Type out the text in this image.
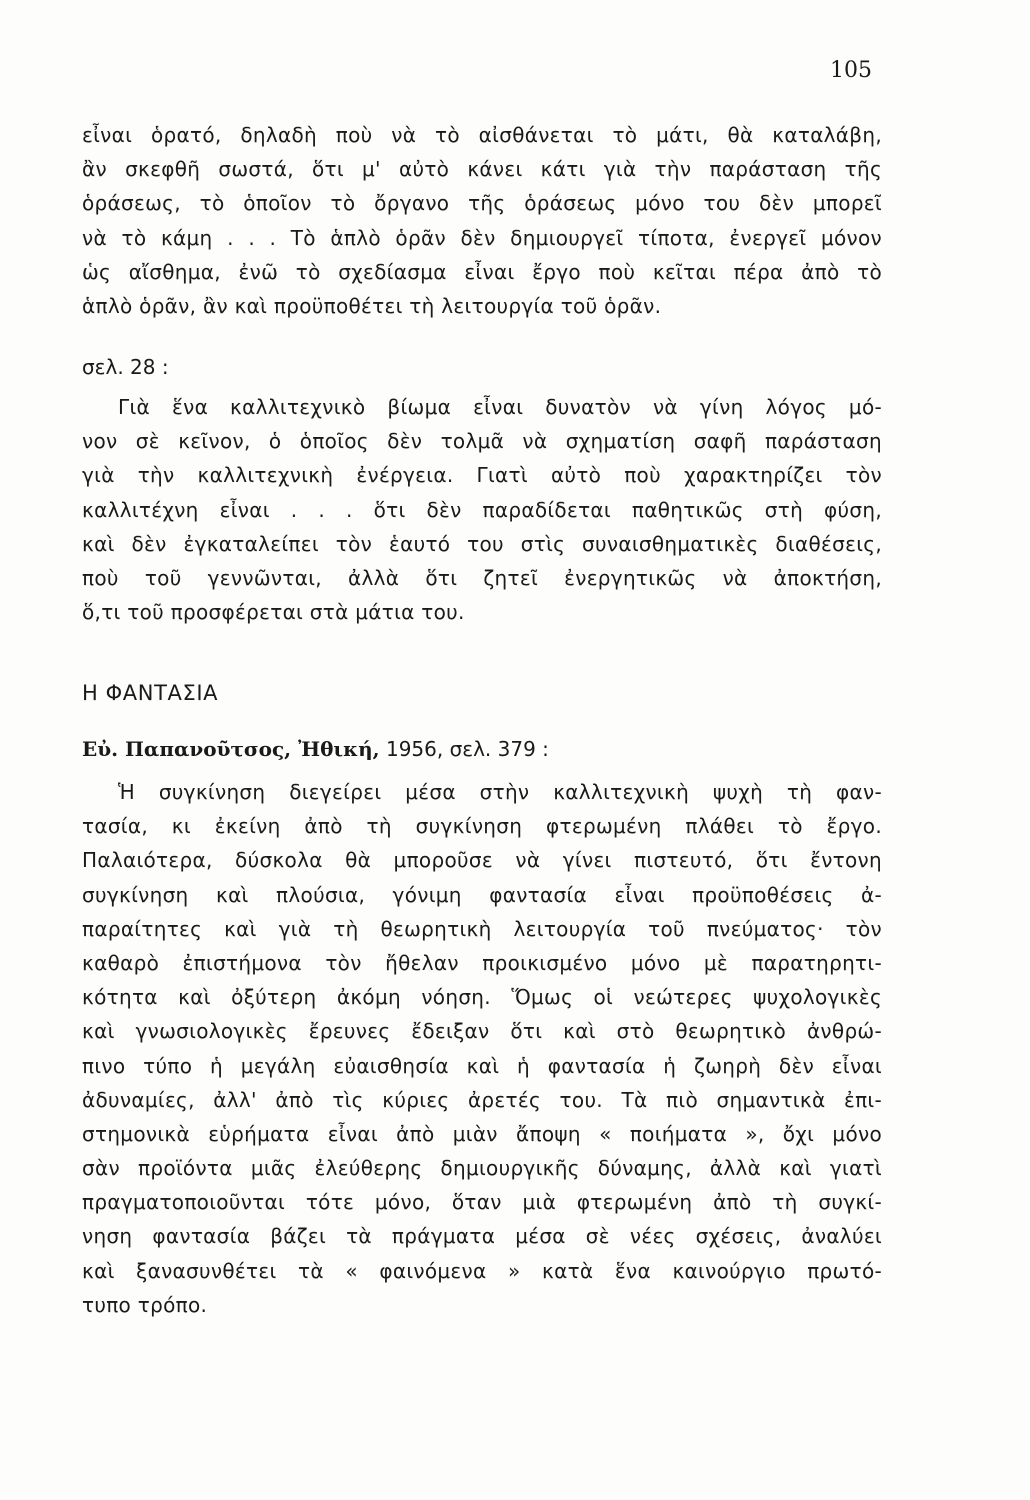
105
εἶναι ὁρατό, δηλαδὴ ποὺ νὰ τὸ αἰσθάνεται τὸ μάτι, θὰ καταλάβη,
ἂν σκεφθῆ σωστά, ὅτι μ' αὐτὸ κάνει κάτι γιὰ τὴν παράσταση τῆς
ὁράσεως, τὸ ὁποῖον τὸ ὄργανο τῆς ὁράσεως μόνο του δὲν μπορεῖ
νὰ τὸ κάμη . . . Τὸ ἁπλὸ ὁρᾶν δὲν δημιουργεῖ τίποτα, ἐνεργεῖ μόνον
ὡς αἴσθημα, ἐνῶ τὸ σχεδίασμα εἶναι ἔργο ποὺ κεῖται πέρα ἀπὸ τὸ
ἁπλὸ ὁρᾶν, ἂν καὶ προϋποθέτει τὴ λειτουργία τοῦ ὁρᾶν.
σελ. 28 :
Γιὰ ἕνα καλλιτεχνικὸ βίωμα εἶναι δυνατὸν νὰ γίνη λόγος μό-
νον σὲ κεῖνον, ὁ ὁποῖος δὲν τολμᾶ νὰ σχηματίση σαφῆ παράσταση
γιὰ τὴν καλλιτεχνικὴ ἐνέργεια. Γιατὶ αὐτὸ ποὺ χαρακτηρίζει τὸν
καλλιτέχνη εἶναι . . . ὅτι δὲν παραδίδεται παθητικῶς στὴ φύση,
καὶ δὲν ἐγκαταλείπει τὸν ἑαυτό του στὶς συναισθηματικὲς διαθέσεις,
ποὺ τοῦ γεννῶνται, ἀλλὰ ὅτι ζητεῖ ἐνεργητικῶς νὰ ἀποκτήση,
ὅ,τι τοῦ προσφέρεται στὰ μάτια του.
Η ΦΑΝΤΑΣΙΑ
Εὐ. Παπανοῦτσος, Ἠθική, 1956, σελ. 379 :
Ἡ συγκίνηση διεγείρει μέσα στὴν καλλιτεχνικὴ ψυχὴ τὴ φαν-
τασία, κι ἐκείνη ἀπὸ τὴ συγκίνηση φτερωμένη πλάθει τὸ ἔργο.
Παλαιότερα, δύσκολα θὰ μποροῦσε νὰ γίνει πιστευτό, ὅτι ἔντονη
συγκίνηση καὶ πλούσια, γόνιμη φαντασία εἶναι προϋποθέσεις ἀ-
παραίτητες καὶ γιὰ τὴ θεωρητικὴ λειτουργία τοῦ πνεύματος· τὸν
καθαρὸ ἐπιστήμονα τὸν ἤθελαν προικισμένο μόνο μὲ παρατηρητι-
κότητα καὶ ὀξύτερη ἀκόμη νόηση. Ὅμως οἱ νεώτερες ψυχολογικὲς
καὶ γνωσιολογικὲς ἔρευνες ἔδειξαν ὅτι καὶ στὸ θεωρητικὸ ἀνθρώ-
πινο τύπο ἡ μεγάλη εὐαισθησία καὶ ἡ φαντασία ἡ ζωηρὴ δὲν εἶναι
ἀδυναμίες, ἀλλ' ἀπὸ τὶς κύριες ἀρετές του. Τὰ πιὸ σημαντικὰ ἐπι-
στημονικὰ εὑρήματα εἶναι ἀπὸ μιὰν ἄποψη « ποιήματα », ὄχι μόνο
σὰν προϊόντα μιᾶς ἐλεύθερης δημιουργικῆς δύναμης, ἀλλὰ καὶ γιατὶ
πραγματοποιοῦνται τότε μόνο, ὅταν μιὰ φτερωμένη ἀπὸ τὴ συγκί-
νηση φαντασία βάζει τὰ πράγματα μέσα σὲ νέες σχέσεις, ἀναλύει
καὶ ξανασυνθέτει τὰ « φαινόμενα » κατὰ ἕνα καινούργιο πρωτό-
τυπο τρόπο.
